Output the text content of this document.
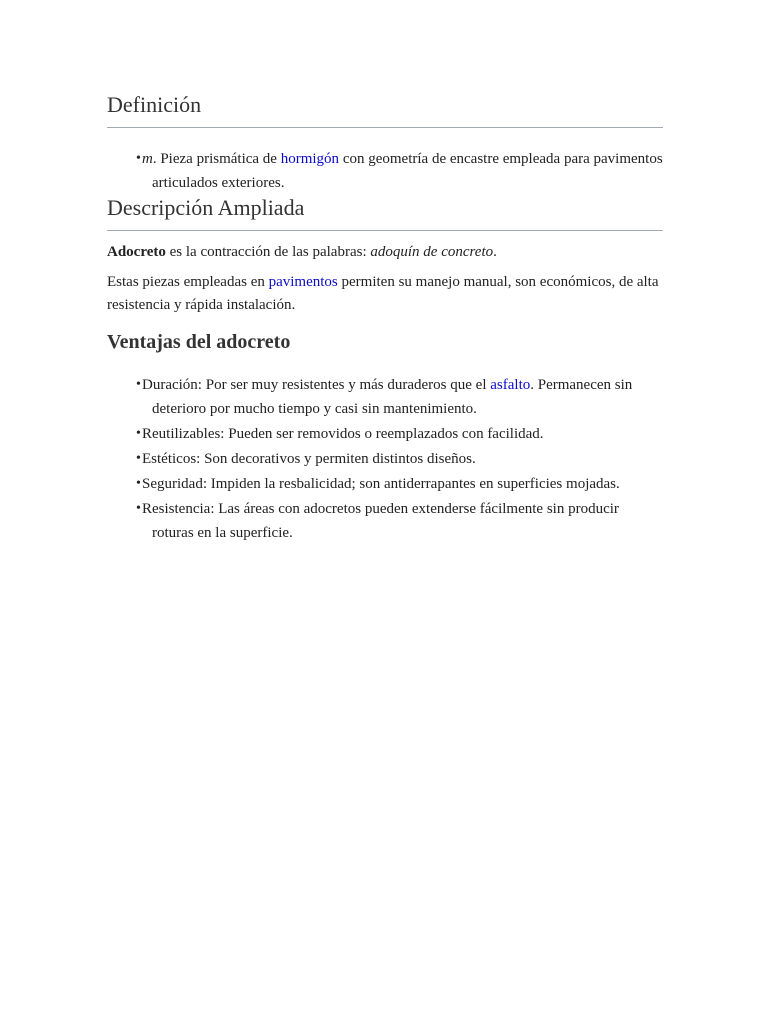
Definición
• m. Pieza prismática de hormigón con geometría de encastre empleada para pavimentos articulados exteriores.
Descripción Ampliada

Adocreto es la contracción de las palabras: adoquín de concreto.

Estas piezas empleadas en pavimentos permiten su manejo manual, son económicos, de alta resistencia y rápida instalación.

Ventajas del adocreto
• Duración: Por ser muy resistentes y más duraderos que el asfalto. Permanecen sin deterioro por mucho tiempo y casi sin mantenimiento.
• Reutilizables: Pueden ser removidos o reemplazados con facilidad.
• Estéticos: Son decorativos y permiten distintos diseños.
• Seguridad: Impiden la resbalicidad; son antiderrapantes en superficies mojadas.
• Resistencia: Las áreas con adocretos pueden extenderse fácilmente sin producir roturas en la superficie.
